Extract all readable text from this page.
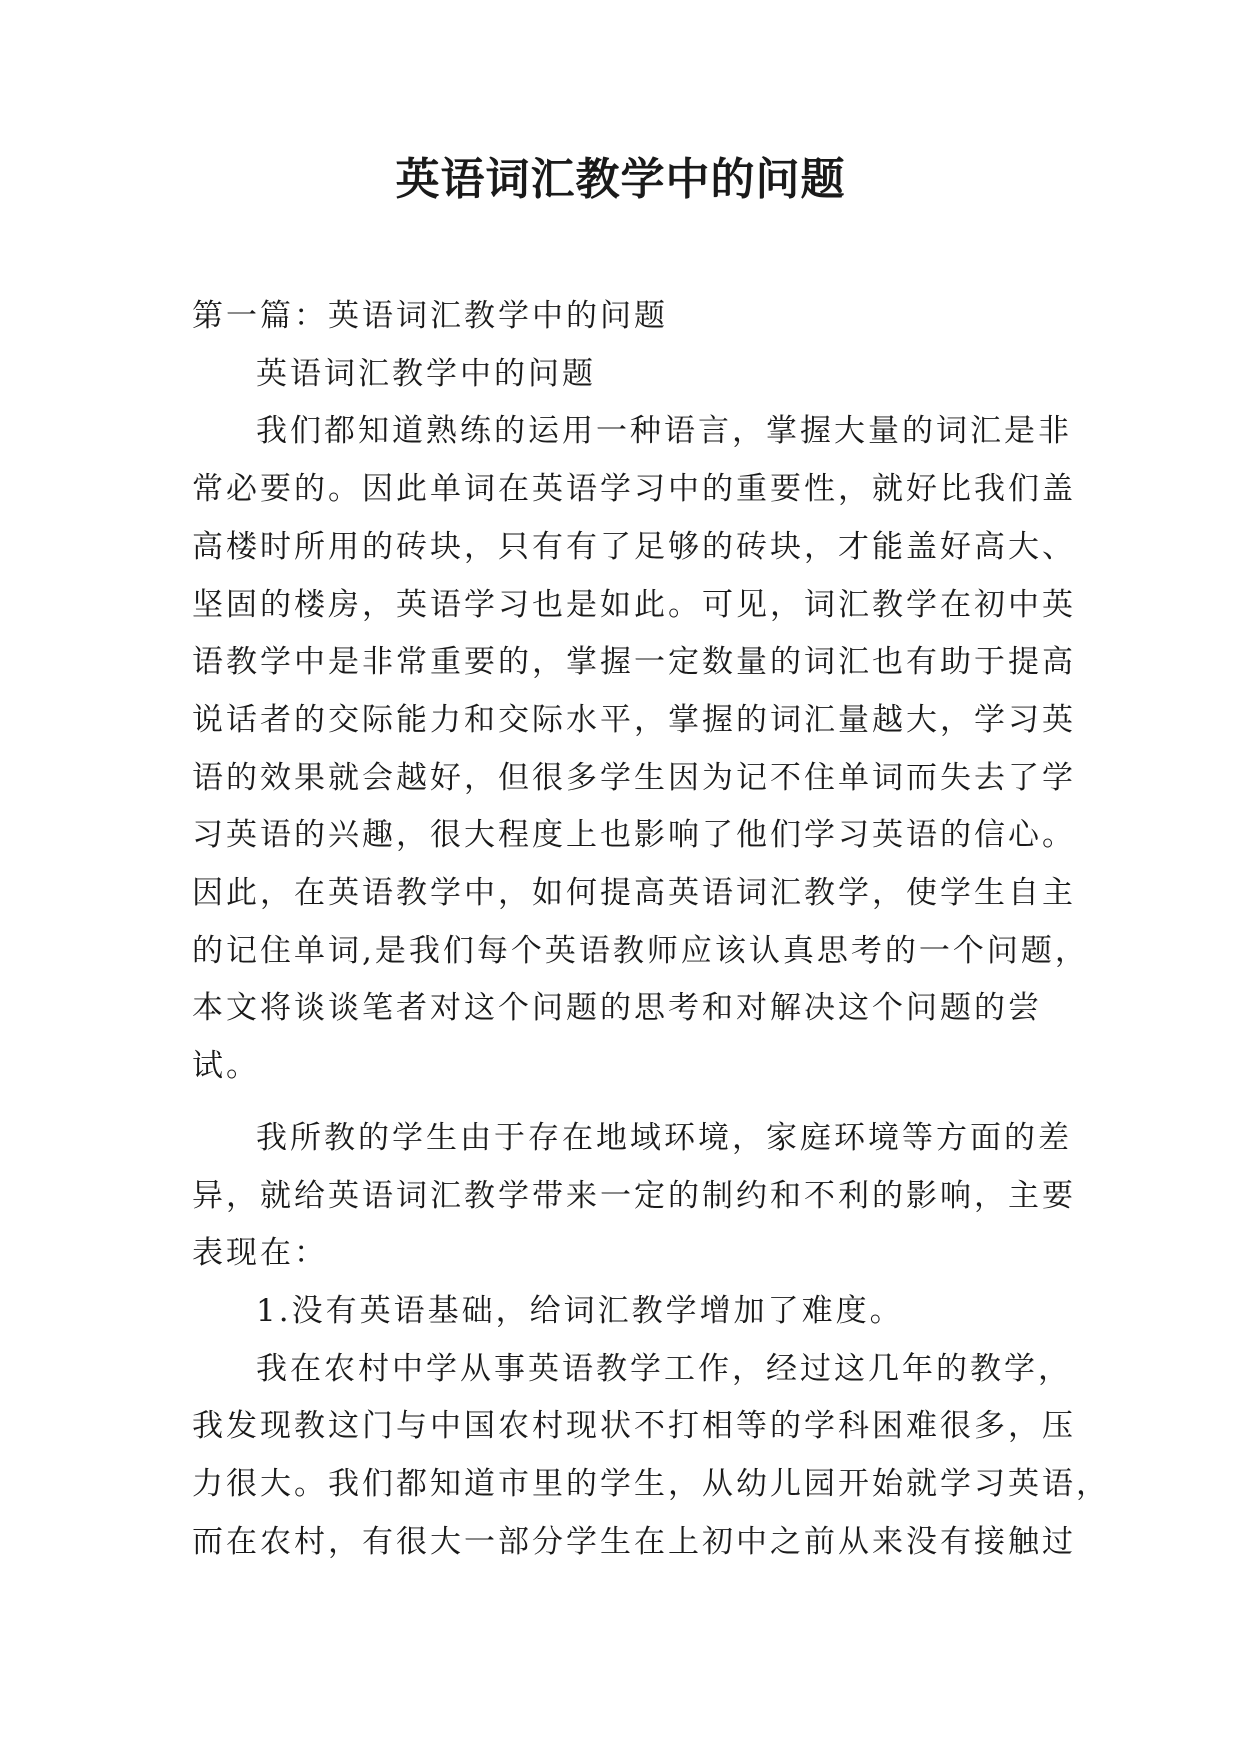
英语词汇教学中的问题

第一篇：英语词汇教学中的问题

英语词汇教学中的问题

我们都知道熟练的运用一种语言，掌握大量的词汇是非
常必要的。因此单词在英语学习中的重要性，就好比我们盖
高楼时所用的砖块，只有有了足够的砖块，才能盖好高大、
坚固的楼房，英语学习也是如此。可见，词汇教学在初中英
语教学中是非常重要的，掌握一定数量的词汇也有助于提高
说话者的交际能力和交际水平，掌握的词汇量越大，学习英
语的效果就会越好，但很多学生因为记不住单词而失去了学
习英语的兴趣，很大程度上也影响了他们学习英语的信心。
因此，在英语教学中，如何提高英语词汇教学，使学生自主
的记住单词,是我们每个英语教师应该认真思考的一个问题，
本文将谈谈笔者对这个问题的思考和对解决这个问题的尝
试。

我所教的学生由于存在地域环境，家庭环境等方面的差
异，就给英语词汇教学带来一定的制约和不利的影响，主要
表现在：

1.没有英语基础，给词汇教学增加了难度。

我在农村中学从事英语教学工作，经过这几年的教学，
我发现教这门与中国农村现状不打相等的学科困难很多，压
力很大。我们都知道市里的学生，从幼儿园开始就学习英语，
而在农村，有很大一部分学生在上初中之前从来没有接触过
